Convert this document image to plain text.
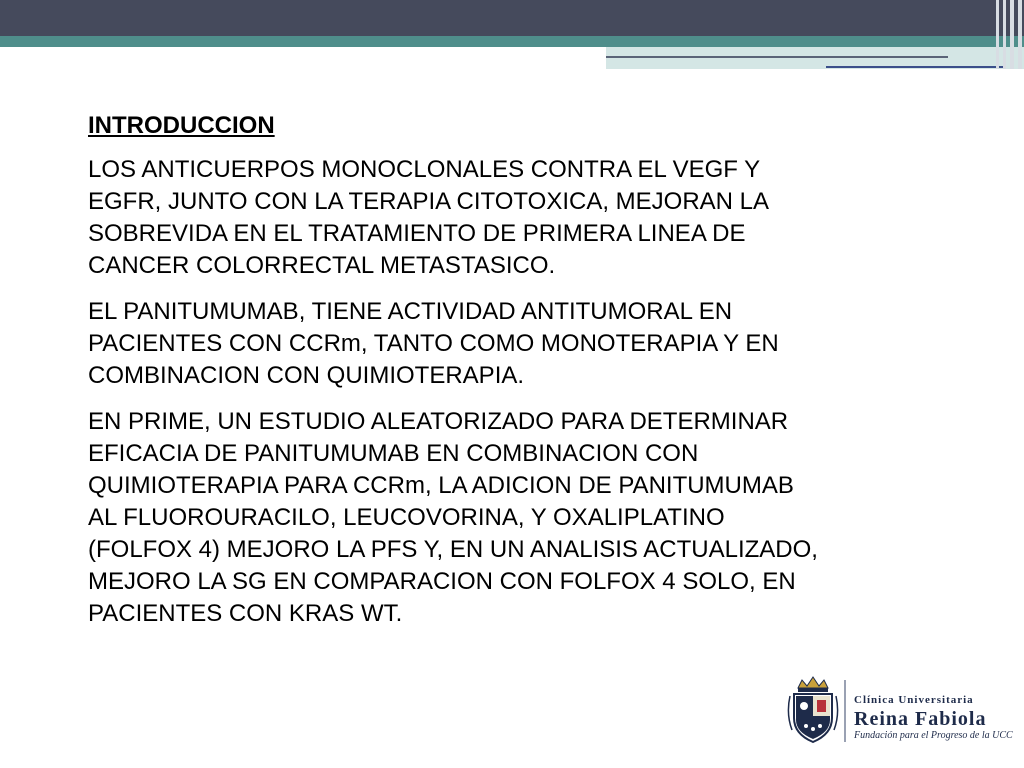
INTRODUCCION
LOS ANTICUERPOS MONOCLONALES CONTRA EL VEGF Y
EGFR, JUNTO CON LA TERAPIA CITOTOXICA, MEJORAN LA
SOBREVIDA EN EL TRATAMIENTO DE PRIMERA LINEA DE
CANCER COLORRECTAL METASTASICO.
EL PANITUMUMAB, TIENE ACTIVIDAD ANTITUMORAL EN
PACIENTES CON CCRm, TANTO COMO MONOTERAPIA Y EN
COMBINACION CON QUIMIOTERAPIA.
EN PRIME, UN ESTUDIO ALEATORIZADO PARA DETERMINAR
EFICACIA DE PANITUMUMAB EN COMBINACION CON
QUIMIOTERAPIA PARA CCRm, LA ADICION DE PANITUMUMAB
AL FLUOROURACILO, LEUCOVORINA, Y OXALIPLATINO
(FOLFOX 4) MEJORO LA PFS Y, EN UN ANALISIS ACTUALIZADO,
MEJORO LA SG EN COMPARACION CON FOLFOX 4 SOLO, EN
PACIENTES CON KRAS WT.
Clínica Universitaria
Reina Fabiola
Fundación para el Progreso de la UCC
